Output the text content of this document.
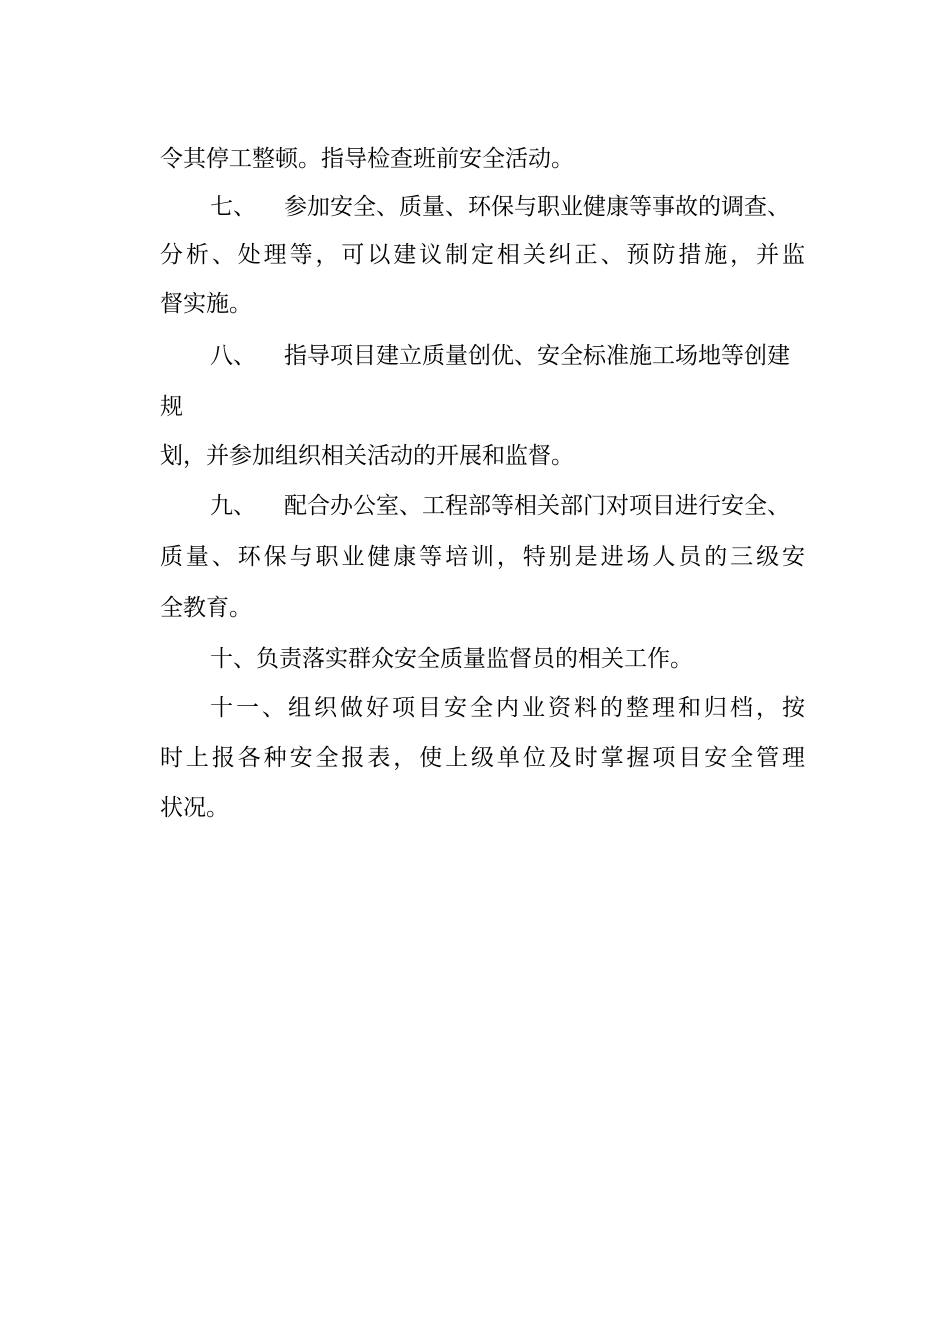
令其停工整顿。指导检查班前安全活动。
七、 参加安全、质量、环保与职业健康等事故的调查、
分析、处理等，可以建议制定相关纠正、预防措施，并监
督实施。
八、 指导项目建立质量创优、安全标准施工场地等创建
规
划，并参加组织相关活动的开展和监督。
九、 配合办公室、工程部等相关部门对项目进行安全、
质量、环保与职业健康等培训，特别是进场人员的三级安
全教育。
十、负责落实群众安全质量监督员的相关工作。
十一、组织做好项目安全内业资料的整理和归档，按
时上报各种安全报表，使上级单位及时掌握项目安全管理
状况。
